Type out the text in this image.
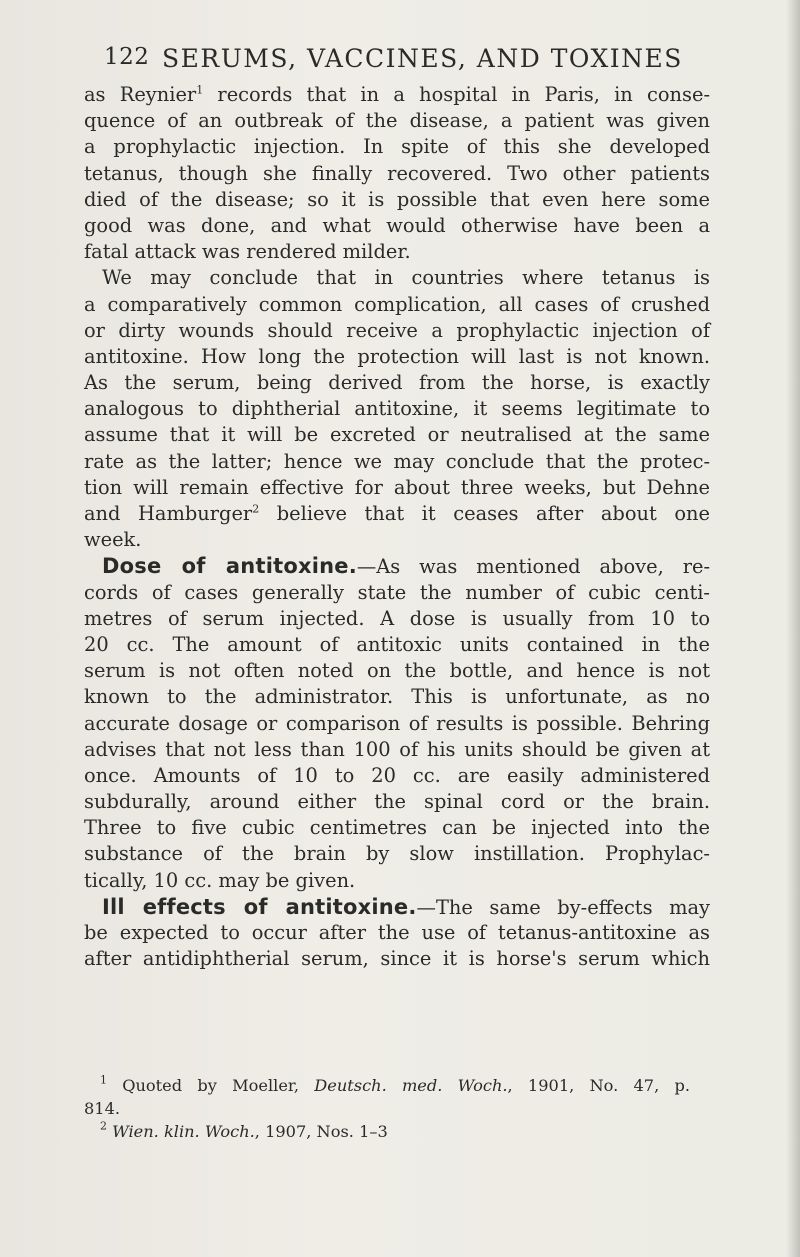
122 SERUMS, VACCINES, AND TOXINES
as Reynier$^1$ records that in a hospital in Paris, in conse-
quence of an outbreak of the disease, a patient was given
a prophylactic injection. In spite of this she developed
tetanus, though she finally recovered. Two other patients
died of the disease; so it is possible that even here some
good was done, and what would otherwise have been a
fatal attack was rendered milder.
We may conclude that in countries where tetanus is
a comparatively common complication, all cases of crushed
or dirty wounds should receive a prophylactic injection of
antitoxine. How long the protection will last is not known.
As the serum, being derived from the horse, is exactly
analogous to diphtherial antitoxine, it seems legitimate to
assume that it will be excreted or neutralised at the same
rate as the latter; hence we may conclude that the protec-
tion will remain effective for about three weeks, but Dehne
and Hamburger$^2$ believe that it ceases after about one
week.
Dose of antitoxine.—As was mentioned above, re-
cords of cases generally state the number of cubic centi-
metres of serum injected. A dose is usually from 10 to
20 cc. The amount of antitoxic units contained in the
serum is not often noted on the bottle, and hence is not
known to the administrator. This is unfortunate, as no
accurate dosage or comparison of results is possible. Behring
advises that not less than 100 of his units should be given at
once. Amounts of 10 to 20 cc. are easily administered
subdurally, around either the spinal cord or the brain.
Three to five cubic centimetres can be injected into the
substance of the brain by slow instillation. Prophylac-
tically, 10 cc. may be given.
Ill effects of antitoxine.—The same by-effects may
be expected to occur after the use of tetanus-antitoxine as
after antidiphtherial serum, since it is horse's serum which
$^1$ Quoted by Moeller, Deutsch. med. Woch., 1901, No. 47, p.
814.
$^2$ Wien. klin. Woch., 1907, Nos. 1–3
